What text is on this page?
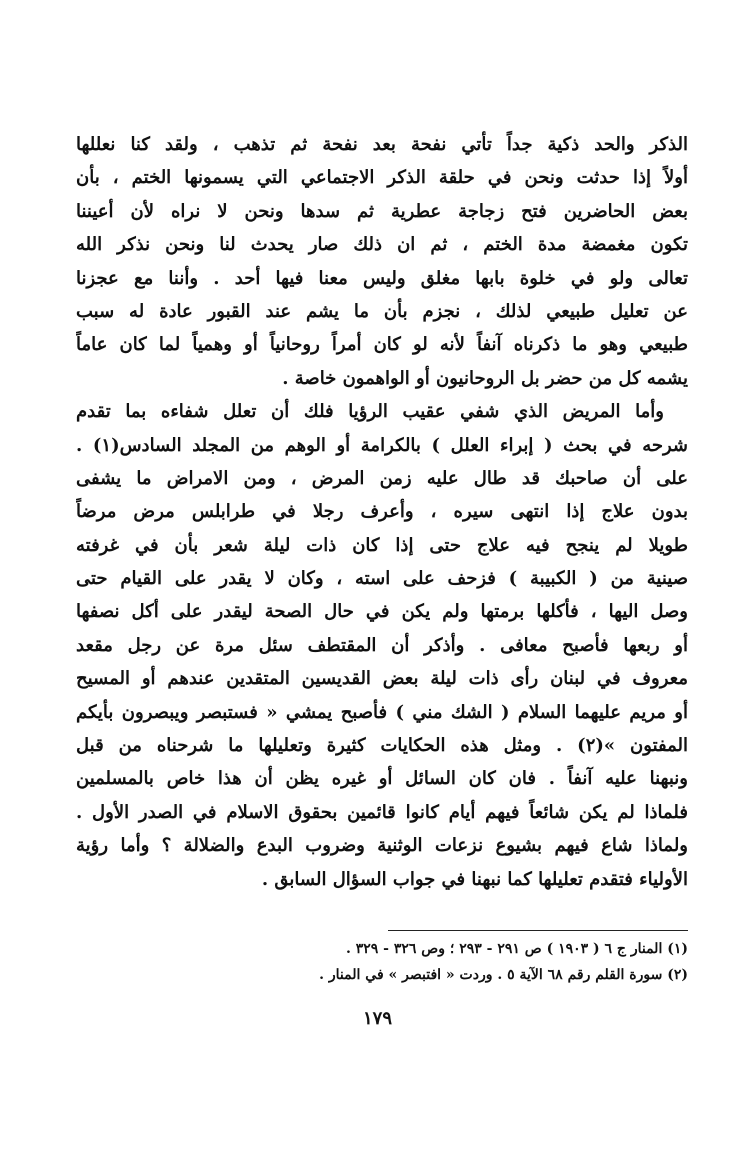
الذكر والحد ذكية جداً تأتي نفحة بعد نفحة ثم تذهب ، ولقد كنا نعللها
أولاً إذا حدثت ونحن في حلقة الذكر الاجتماعي التي يسمونها الختم ، بأن
بعض الحاضرين فتح زجاجة عطرية ثم سدها ونحن لا نراه لأن أعيننا
تكون مغمضة مدة الختم ، ثم ان ذلك صار يحدث لنا ونحن نذكر الله
تعالى ولو في خلوة بابها مغلق وليس معنا فيها أحد . وأننا مع عجزنا
عن تعليل طبيعي لذلك ، نجزم بأن ما يشم عند القبور عادة له سبب
طبيعي وهو ما ذكرناه آنفاً لأنه لو كان أمراً روحانياً أو وهمياً لما كان عاماً
يشمه كل من حضر بل الروحانيون أو الواهمون خاصة .
وأما المريض الذي شفي عقيب الرؤيا فلك أن تعلل شفاءه بما تقدم
شرحه في بحث ( إبراء العلل ) بالكرامة أو الوهم من المجلد السادس(١) .
على أن صاحبك قد طال عليه زمن المرض ، ومن الامراض ما يشفى
بدون علاج إذا انتهى سيره ، وأعرف رجلا في طرابلس مرض مرضاً
طويلا لم ينجح فيه علاج حتى إذا كان ذات ليلة شعر بأن في غرفته
صينية من ( الكبيبة ) فزحف على استه ، وكان لا يقدر على القيام حتى
وصل اليها ، فأكلها برمتها ولم يكن في حال الصحة ليقدر على أكل نصفها
أو ربعها فأصبح معافى . وأذكر أن المقتطف سئل مرة عن رجل مقعد
معروف في لبنان رأى ذات ليلة بعض القديسين المتقدين عندهم أو المسيح
أو مريم عليهما السلام ( الشك مني ) فأصبح يمشي « فستبصر ويبصرون بأيكم
المفتون »(٢) . ومثل هذه الحكايات كثيرة وتعليلها ما شرحناه من قبل
ونبهنا عليه آنفاً . فان كان السائل أو غيره يظن أن هذا خاص بالمسلمين
فلماذا لم يكن شائعاً فيهم أيام كانوا قائمين بحقوق الاسلام في الصدر الأول .
ولماذا شاع فيهم بشيوع نزعات الوثنية وضروب البدع والضلالة ؟ وأما رؤية
الأولياء فتقدم تعليلها كما نبهنا في جواب السؤال السابق .
(١) المنار ج ٦ ( ١٩٠٣ ) ص ٢٩١ - ٢٩٣ ؛ وص ٣٢٦ - ٣٢٩ .
(٢) سورة القلم رقم ٦٨ الآية ٥ . وردت « افتبصر » في المنار .
١٧٩
